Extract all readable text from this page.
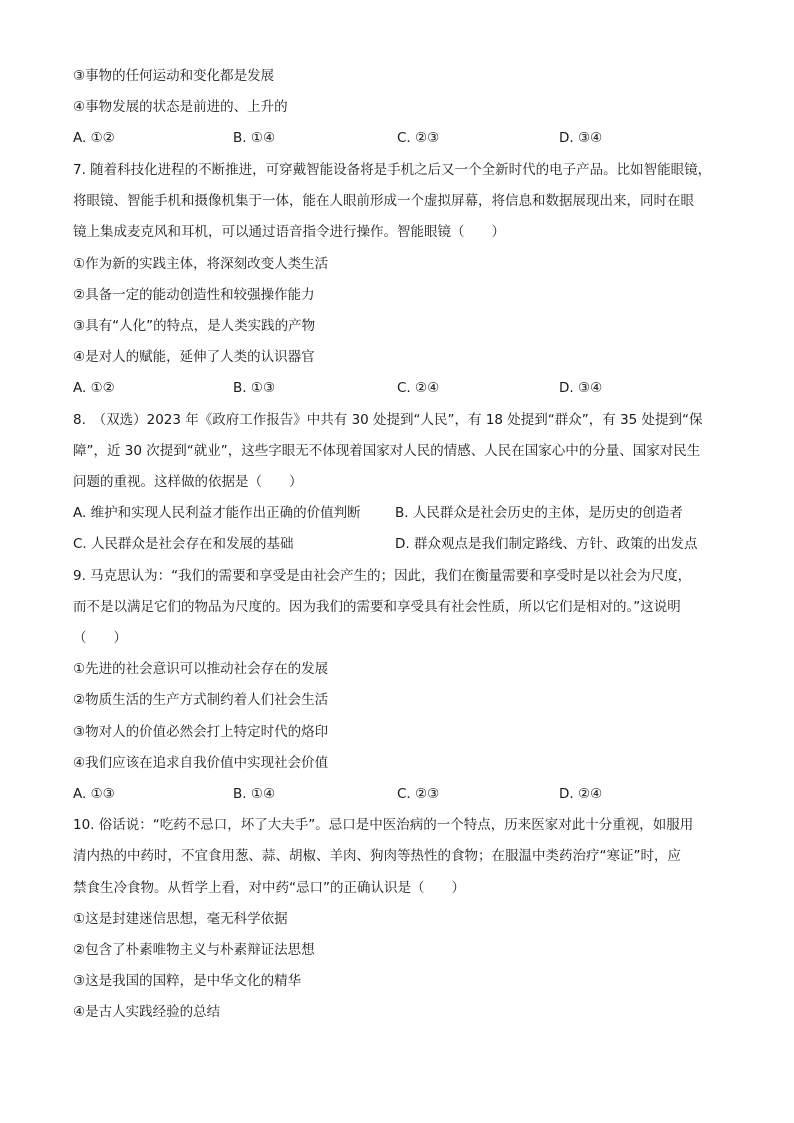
③事物的任何运动和变化都是发展
④事物发展的状态是前进的、上升的
A. ①②	B. ①④	C. ②③	D. ③④
7. 随着科技化进程的不断推进，可穿戴智能设备将是手机之后又一个全新时代的电子产品。比如智能眼镜，
将眼镜、智能手机和摄像机集于一体，能在人眼前形成一个虚拟屏幕，将信息和数据展现出来，同时在眼
镜上集成麦克风和耳机，可以通过语音指令进行操作。智能眼镜（　　）
①作为新的实践主体，将深刻改变人类生活
②具备一定的能动创造性和较强操作能力
③具有“人化”的特点，是人类实践的产物
④是对人的赋能，延伸了人类的认识器官
A. ①②	B. ①③	C. ②④	D. ③④
8.　（双选）2023 年《政府工作报告》中共有 30 处提到“人民”，有 18 处提到“群众”，有 35 处提到“保
障”，近 30 次提到“就业”，这些字眼无不体现着国家对人民的情感、人民在国家心中的分量、国家对民生
问题的重视。这样做的依据是（　　）
A. 维护和实现人民利益才能作出正确的价值判断	B. 人民群众是社会历史的主体，是历史的创造者
C. 人民群众是社会存在和发展的基础	D. 群众观点是我们制定路线、方针、政策的出发点
9. 马克思认为：“我们的需要和享受是由社会产生的；因此，我们在衡量需要和享受时是以社会为尺度，
而不是以满足它们的物品为尺度的。因为我们的需要和享受具有社会性质，所以它们是相对的。”这说明
（　　）
①先进的社会意识可以推动社会存在的发展
②物质生活的生产方式制约着人们社会生活
③物对人的价值必然会打上特定时代的烙印
④我们应该在追求自我价值中实现社会价值
A. ①③	B. ①④	C. ②③	D. ②④
10. 俗话说：“吃药不忌口，坏了大夫手”。忌口是中医治病的一个特点，历来医家对此十分重视，如服用
清内热的中药时，不宜食用葱、蒜、胡椒、羊肉、狗肉等热性的食物；在服温中类药治疗“寒证”时，应
禁食生冷食物。从哲学上看，对中药“忌口”的正确认识是（　　）
①这是封建迷信思想，毫无科学依据
②包含了朴素唯物主义与朴素辩证法思想
③这是我国的国粹，是中华文化的精华
④是古人实践经验的总结
